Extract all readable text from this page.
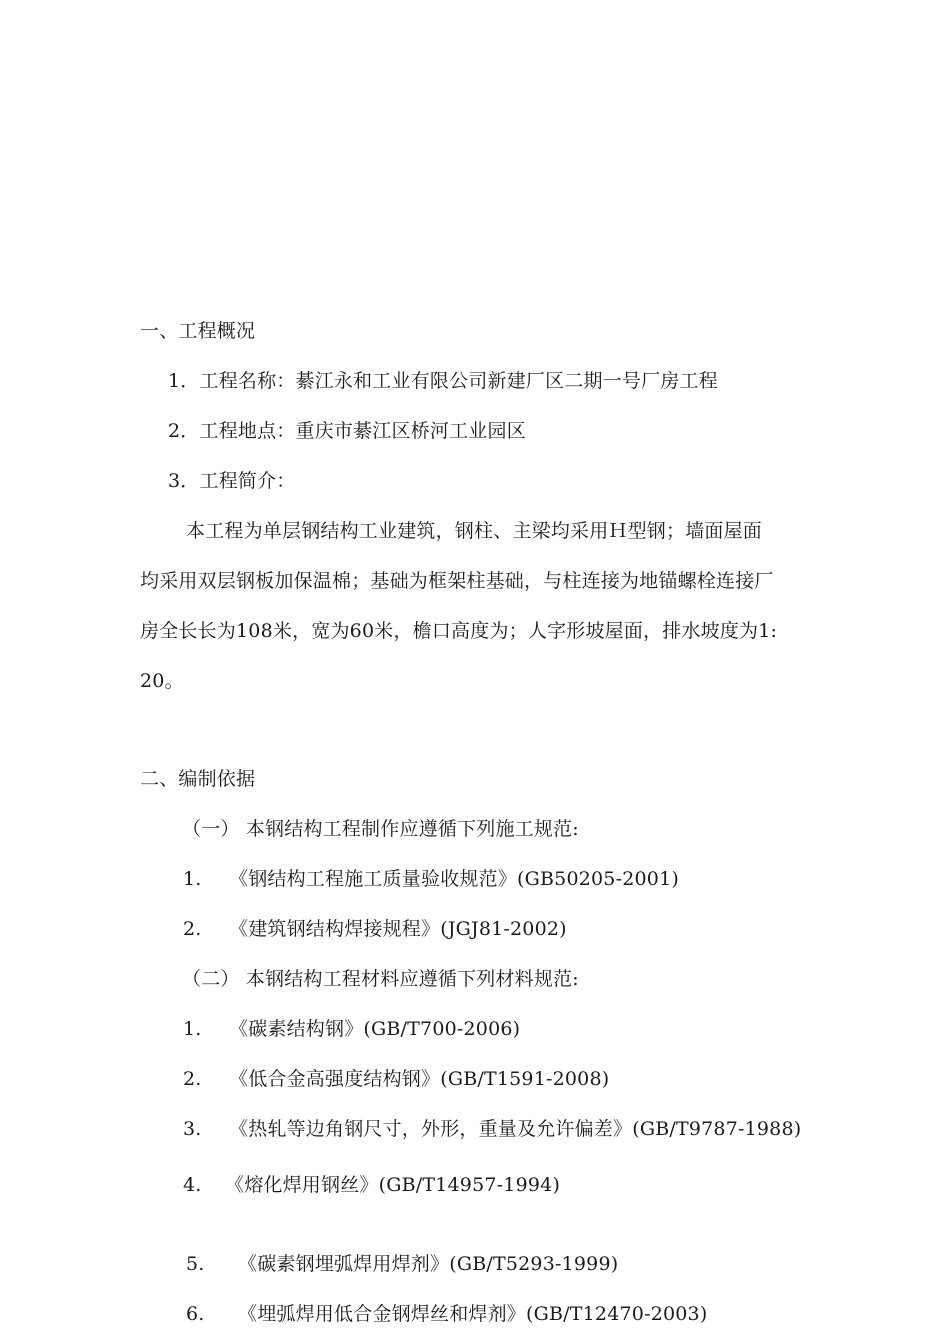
一、工程概况
1．工程名称：綦江永和工业有限公司新建厂区二期一号厂房工程
2．工程地点：重庆市綦江区桥河工业园区
3．工程简介：
本工程为单层钢结构工业建筑，钢柱、主梁均采用Ｈ型钢；墙面屋面
均采用双层钢板加保温棉；基础为框架柱基础，与柱连接为地锚螺栓连接厂
房全长长为108米，宽为60米，檐口高度为；人字形坡屋面，排水坡度为1:
20。
二、编制依据
（一） 本钢结构工程制作应遵循下列施工规范:
1. 《钢结构工程施工质量验收规范》(GB50205-2001)
2. 《建筑钢结构焊接规程》(JGJ81-2002)
（二） 本钢结构工程材料应遵循下列材料规范:
1. 《碳素结构钢》(GB/T700-2006)
2. 《低合金高强度结构钢》(GB/T1591-2008)
3. 《热轧等边角钢尺寸，外形，重量及允许偏差》(GB/T9787-1988)
4. 《熔化焊用钢丝》(GB/T14957-1994)
5. 《碳素钢埋弧焊用焊剂》(GB/T5293-1999)
6. 《埋弧焊用低合金钢焊丝和焊剂》(GB/T12470-2003)
